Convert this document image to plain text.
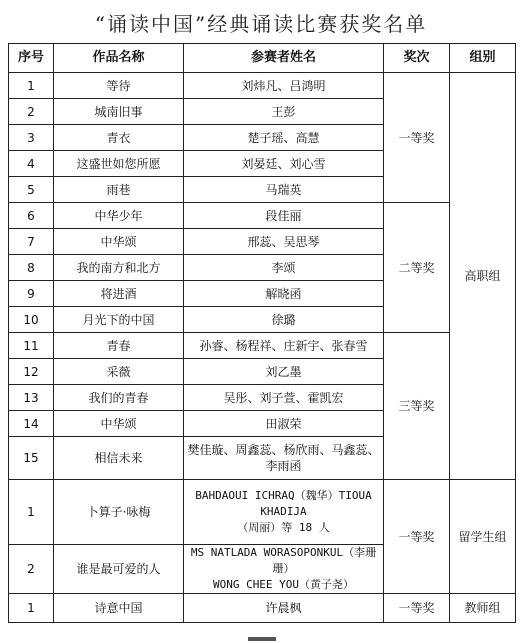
“诵读中国”经典诵读比赛获奖名单
序号	作品名称	参赛者姓名	奖次	组别
1	等待	刘炜凡、吕鸿明	一等奖	高职组
2	城南旧事	王彭		
3	青衣	楚子瑶、高慧		
4	这盛世如您所愿	刘晏廷、刘心雪		
5	雨巷	马瑞英		
6	中华少年	段佳丽	二等奖	
7	中华颂	邢蕊、吴思琴		
8	我的南方和北方	李颂		
9	将进酒	解晓函		
10	月光下的中国	徐璐		
11	青春	孙睿、杨程祥、庄新宇、张春雪	三等奖	
12	采薇	刘乙墨		
13	我们的青春	吴彤、刘子萱、霍凯宏		
14	中华颂	田淑荣		
15	相信未来	樊佳璇、周鑫蕊、杨欣雨、马鑫蕊、李雨函		
1	卜算子·咏梅	BAHDAOUI ICHRAQ（魏华）TIOUA
KHADIJA
（周丽）等 18 人	一等奖	留学生组
2	谁是最可爱的人	MS NATLADA WORASOPONKUL（李珊珊）
WONG CHEE YOU（黄子尧）		

1	诗意中国	许晨枫	一等奖	教师组
